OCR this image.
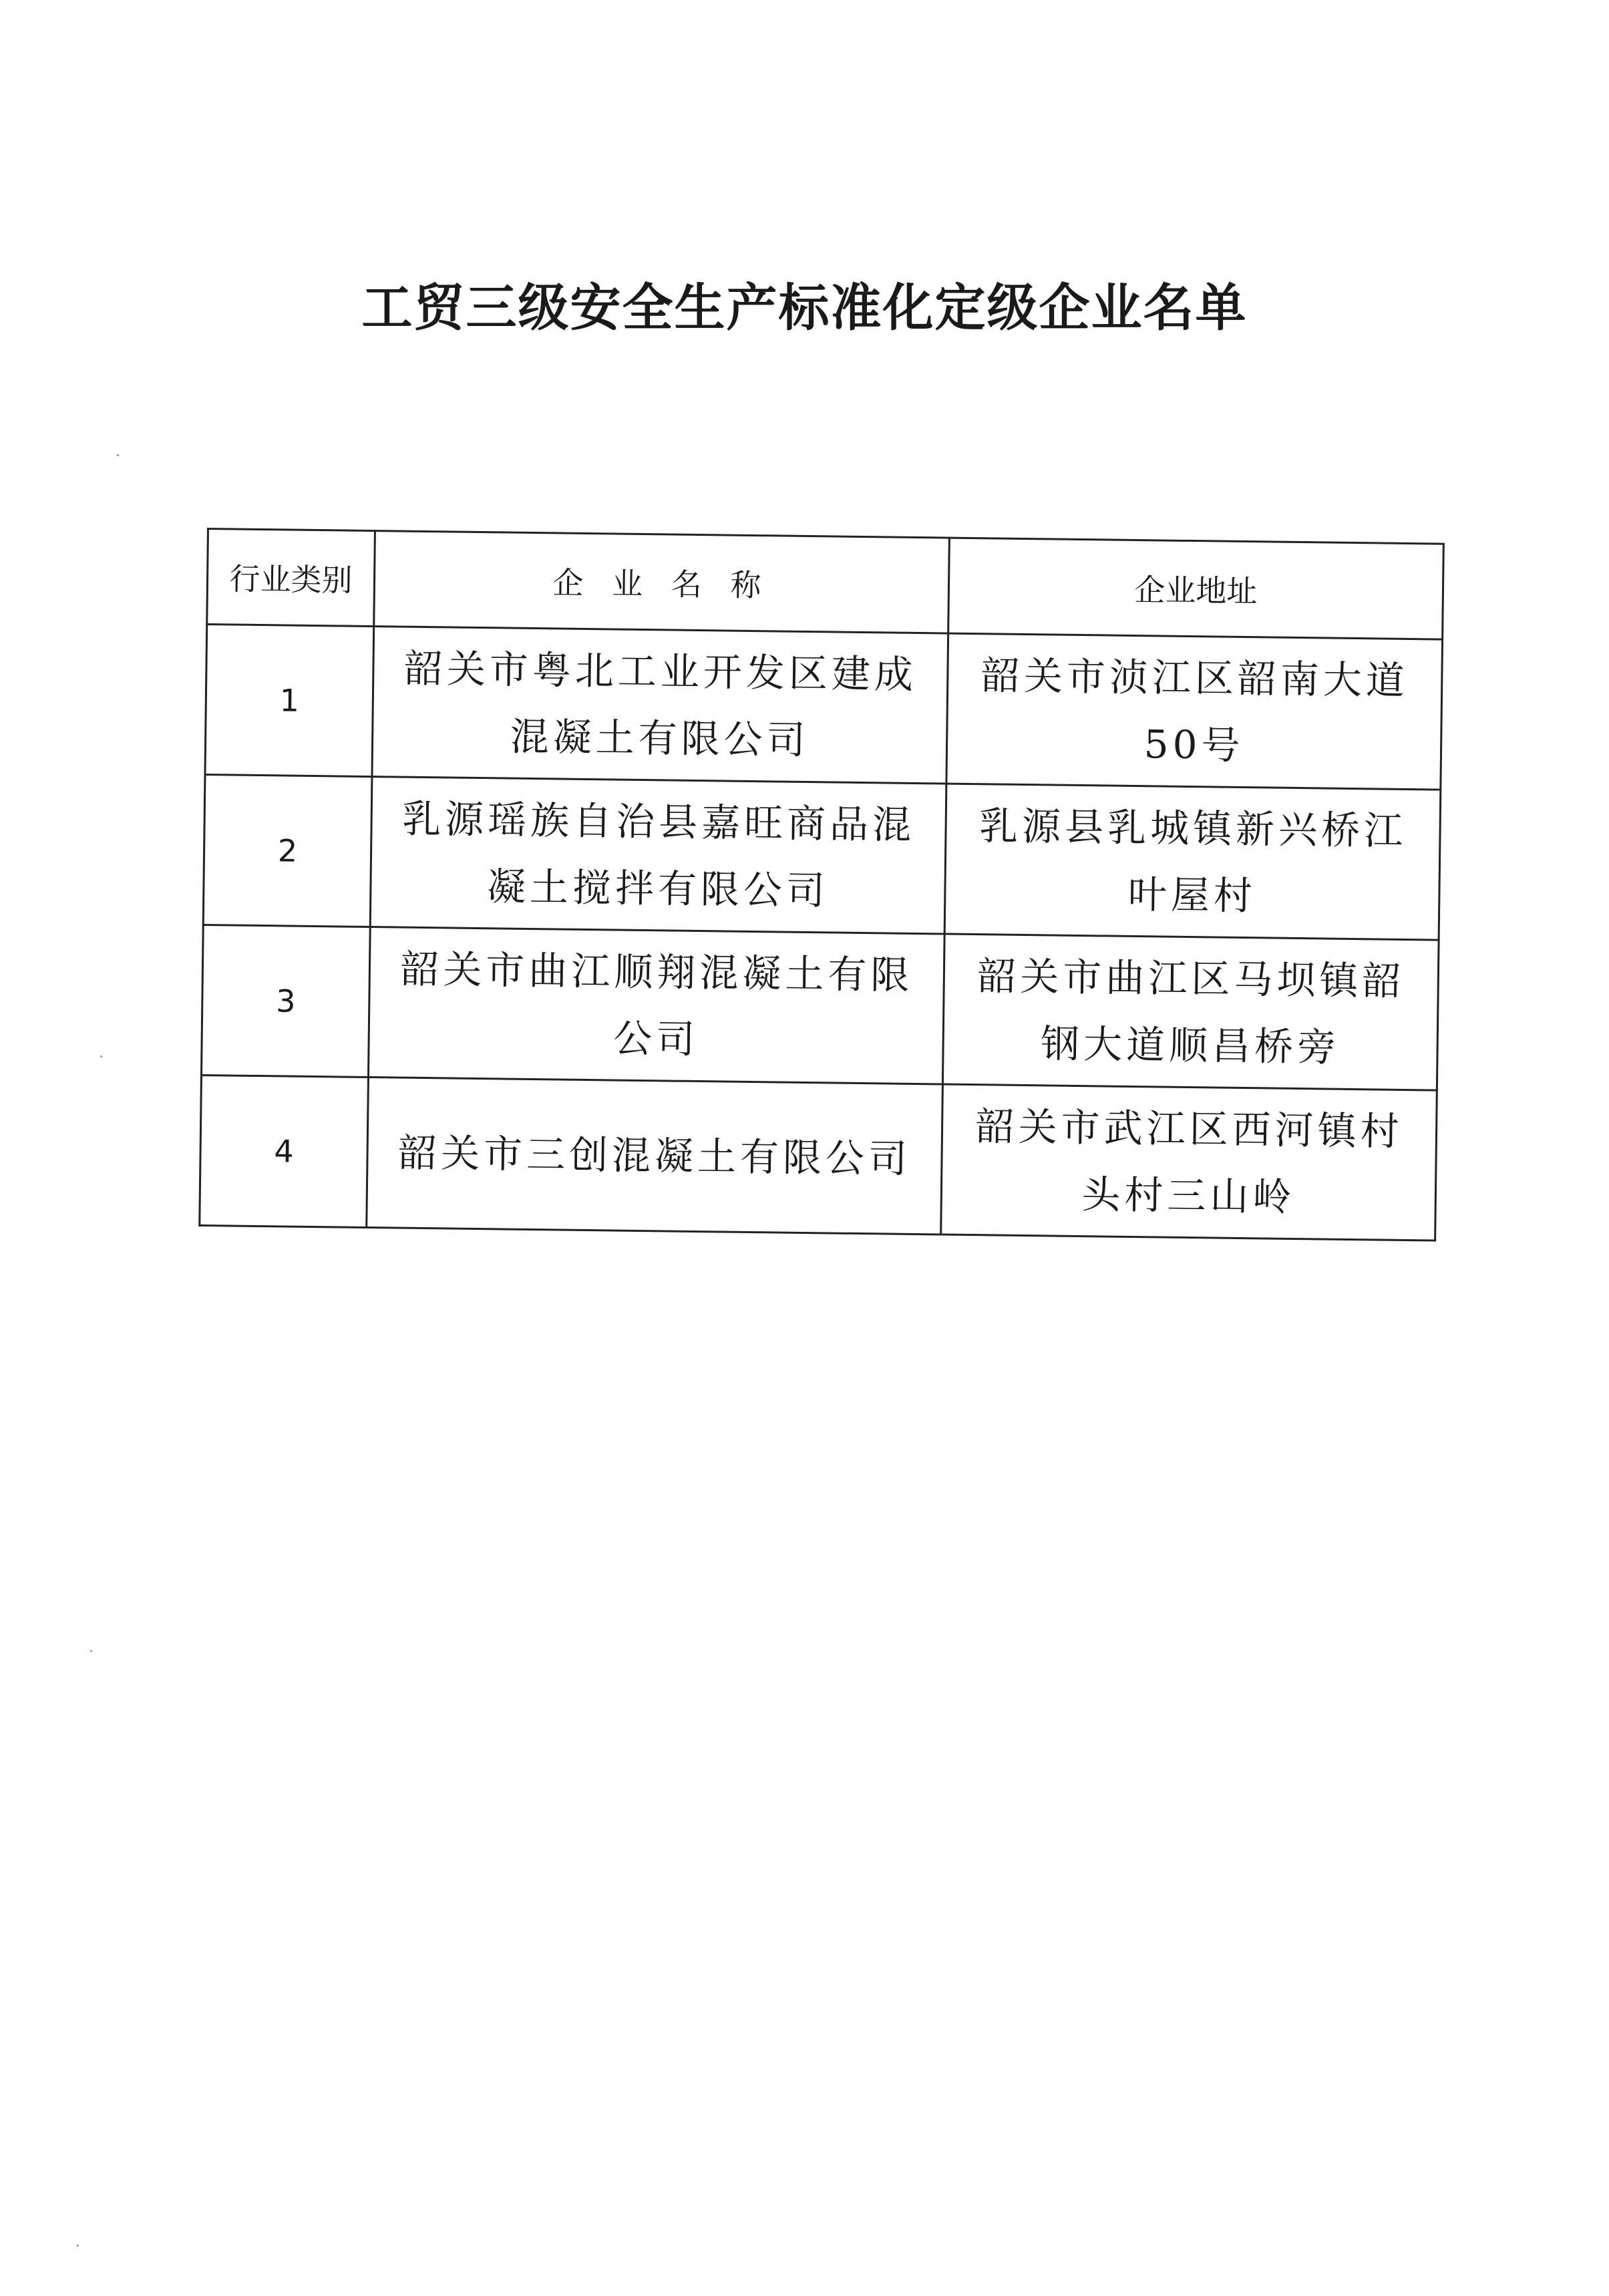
工贸三级安全生产标准化定级企业名单
行业类别	企 业 名 称	企业地址
1	韶关市粤北工业开发区建成混凝土有限公司	韶关市浈江区韶南大道50号
2	乳源瑶族自治县嘉旺商品混凝土搅拌有限公司	乳源县乳城镇新兴桥江叶屋村
3	韶关市曲江顺翔混凝土有限公司	韶关市曲江区马坝镇韶钢大道顺昌桥旁
4	韶关市三创混凝土有限公司	韶关市武江区西河镇村头村三山岭
